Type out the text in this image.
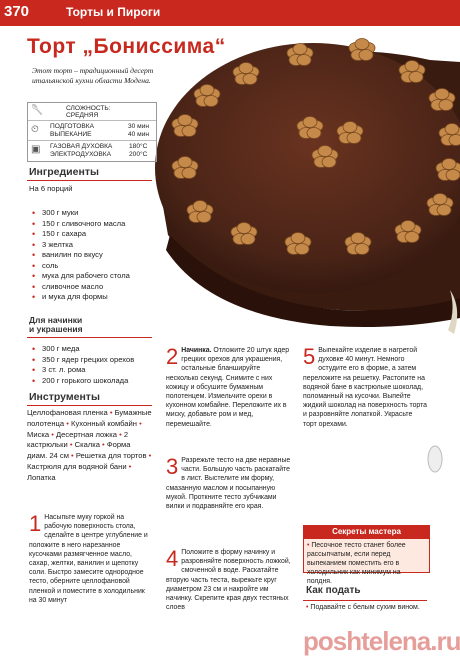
370	Торты и Пироги
Торт „Бониссима“
Этот торт – традиционный десерт итальянской кухни области Модена.
🥄	СЛОЖНОСТЬ:
СРЕДНЯЯ
⏲ ПОДГОТОВКА	30 мин
ВЫПЕКАНИЕ	40 мин
▣ ГАЗОВАЯ ДУХОВКА	180°С
ЭЛЕКТРОДУХОВКА	200°С
Ингредиенты
На 6 порций
• 300 г муки
• 150 г сливочного масла
• 150 г сахара
• 3 желтка
• ванилин по вкусу
• соль
• мука для рабочего стола
• сливочное масло
• и мука для формы
Для начинки
и украшения
• 300 г меда
• 350 г ядер грецких орехов
• 3 ст. л. рома
• 200 г горького шоколада
Инструменты
Целлофановая пленка • Бумажные полотенца • Кухонный комбайн • Миска • Десертная ложка • 2 кастрюльки • Скалка • Форма диам. 24 см • Решетка для тортов • Кастрюля для водяной бани • Лопатка
1 Насыпьте муку горкой на рабочую поверхность стола, сделайте в центре углубление и положите в него нарезанное кусочками размягченное масло, сахар, желтки, ванилин и щепотку соли. Быстро замесите однородное тесто, оберните целлофановой пленкой и поместите в холодильник на 30 минут
2 Начинка. Отложите 20 штук ядер грецких орехов для украшения, остальные бланшируйте несколько секунд. Снимите с них кожицу и обсушите бумажным полотенцем. Измельчите орехи в кухонном комбайне. Переложите их в миску, добавьте ром и мед, перемешайте.
3 Разрежьте тесто на две неравные части. Большую часть раскатайте в лист. Выстелите им форму, смазанную маслом и посыпанную мукой. Проткните тесто зубчиками вилки и подравняйте его края.
4 Положите в форму начинку и разровняйте поверхность ложкой, смоченной в воде. Раскатайте вторую часть теста, вырежьте круг диаметром 23 см и накройте им начинку. Скрепите края двух тестяных слоев
5 Выпекайте изделие в нагретой духовке 40 минут. Немного остудите его в форме, а затем переложите на решетку. Растопите на водяной бане в кастрюльке шоколад, поломанный на кусочки. Выпейте жидкий шоколад на поверхность торта и разровняйте лопаткой. Украсьте торт орехами.
Секреты мастера
• Песочное тесто станет более рассыпчатым, если перед выпеканием поместить его в холодильник как минимум на полдня.
Как подать
• Подавайте с белым сухим вином.
poshtelena.ru
